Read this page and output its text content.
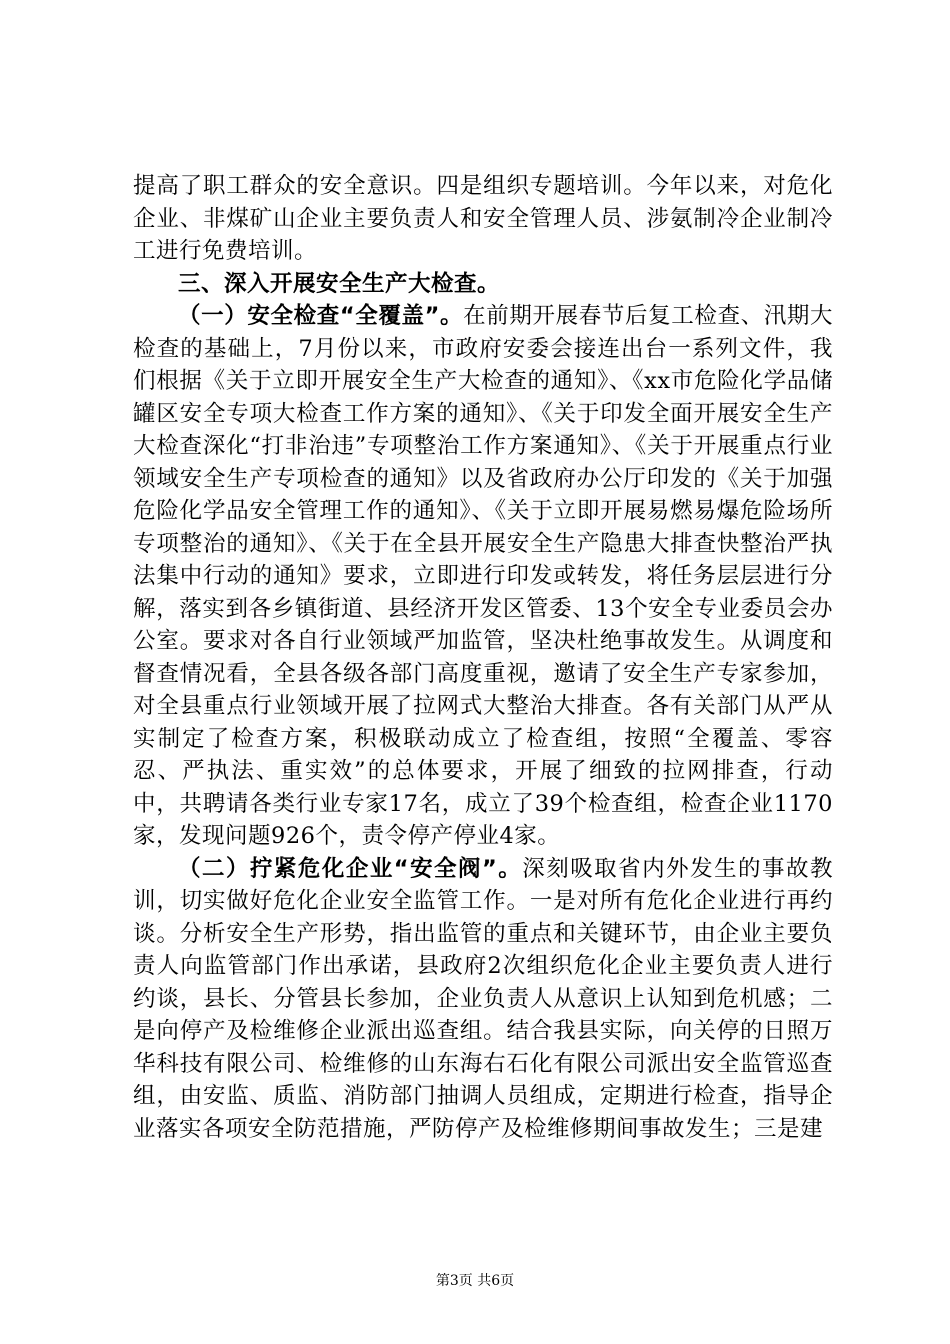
提高了职工群众的安全意识。四是组织专题培训。今年以来，对危化企业、非煤矿山企业主要负责人和安全管理人员、涉氨制冷企业制冷工进行免费培训。

三、深入开展安全生产大检查。

（一）安全检查“全覆盖”。在前期开展春节后复工检查、汛期大检查的基础上，7月份以来，市政府安委会接连出台一系列文件，我们根据《关于立即开展安全生产大检查的通知》、《xx市危险化学品储罐区安全专项大检查工作方案的通知》、《关于印发全面开展安全生产大检查深化“打非治违”专项整治工作方案通知》、《关于开展重点行业领域安全生产专项检查的通知》以及省政府办公厅印发的《关于加强危险化学品安全管理工作的通知》、《关于立即开展易燃易爆危险场所专项整治的通知》、《关于在全县开展安全生产隐患大排查快整治严执法集中行动的通知》要求，立即进行印发或转发，将任务层层进行分解，落实到各乡镇街道、县经济开发区管委、13个安全专业委员会办公室。要求对各自行业领域严加监管，坚决杜绝事故发生。从调度和督查情况看，全县各级各部门高度重视，邀请了安全生产专家参加，对全县重点行业领域开展了拉网式大整治大排查。各有关部门从严从实制定了检查方案，积极联动成立了检查组，按照“全覆盖、零容忍、严执法、重实效”的总体要求，开展了细致的拉网排查，行动中，共聘请各类行业专家17名，成立了39个检查组，检查企业1170家，发现问题926个，责令停产停业4家。

（二）拧紧危化企业“安全阀”。深刻吸取省内外发生的事故教训，切实做好危化企业安全监管工作。一是对所有危化企业进行再约谈。分析安全生产形势，指出监管的重点和关键环节，由企业主要负责人向监管部门作出承诺，县政府2次组织危化企业主要负责人进行约谈，县长、分管县长参加，企业负责人从意识上认知到危机感；二是向停产及检维修企业派出巡查组。结合我县实际，向关停的日照万华科技有限公司、检维修的山东海右石化有限公司派出安全监管巡查组，由安监、质监、消防部门抽调人员组成，定期进行检查，指导企业落实各项安全防范措施，严防停产及检维修期间事故发生；三是建

第3页 共6页
